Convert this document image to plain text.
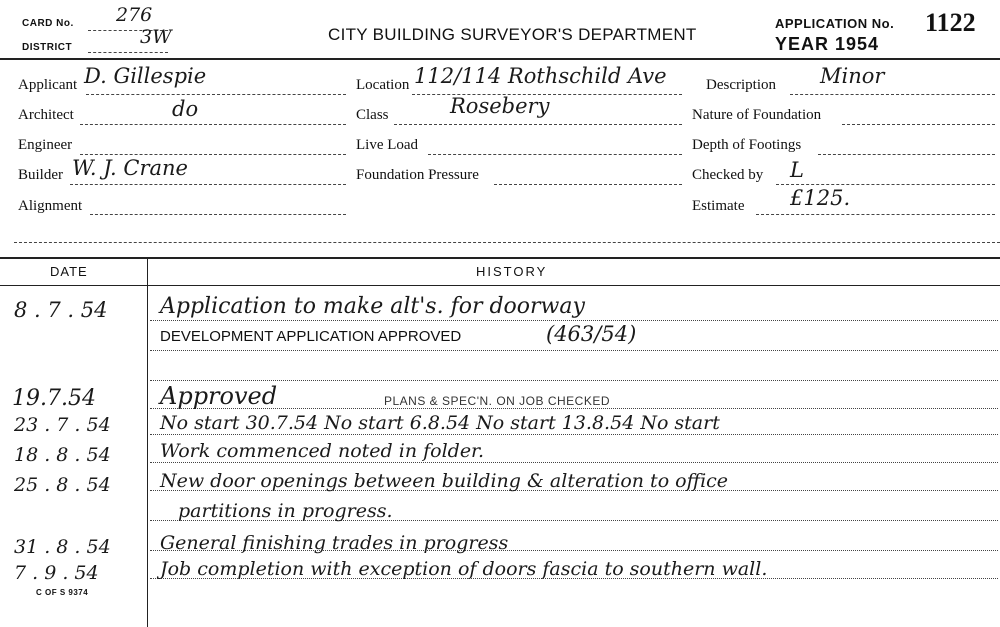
CARD No. 276
DISTRICT	3W	CITY BUILDING SURVEYOR'S DEPARTMENT
APPLICATION No. 1122
YEAR 1954
Applicant D. Gillespie
Architect	do
Engineer
Builder W. J. Crane
Alignment
Location 112/114 Rothschild Ave
Class	Rosebery
Live Load
Foundation Pressure
Description Minor
Nature of Foundation
Depth of Footings
Checked by L
Estimate £125.
DATE	HISTORY
8 . 7 . 54 Application to make alt's. for doorway
DEVELOPMENT APPLICATION APPROVED	(463/54)
19.7.54	Approved	PLANS & SPEC'N. ON JOB CHECKED
23 . 7 . 54	No start 30.7.54 No start 6.8.54 No start 13.8.54 No start
18 . 8 . 54	Work commenced noted in folder.
25 . 8 . 54	New door openings between building & alteration to office
partitions in progress.
31 . 8 . 54	General finishing trades in progress
7 . 9 . 54	Job completion with exception of doors fascia to southern wall.
C OF S 9374
